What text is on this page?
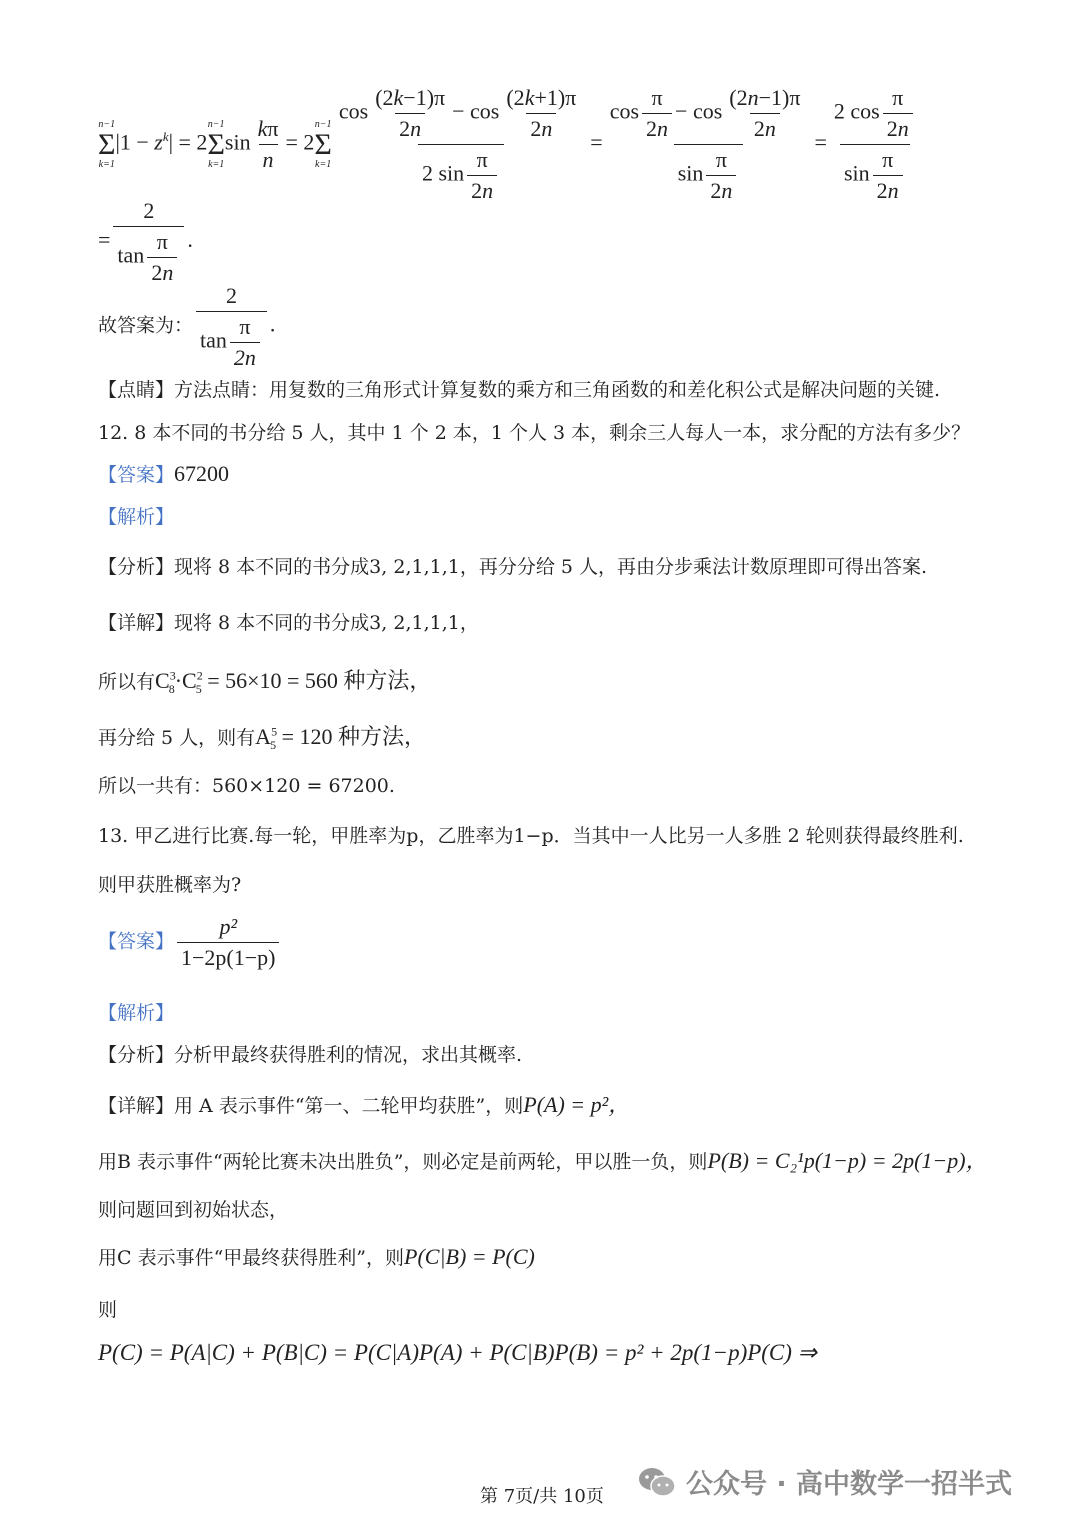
n−1
Σ
k=1
$|1 - z^k| = 2$
n−1
Σ
k=1
$\sin \frac{k\pi}{n} = 2$
n−1
Σ
$k=1 \frac{\cos \frac{(2k-1)\pi}{2n} - \cos \frac{(2k+1)\pi}{2n}}{2 \sin \frac{\pi}{2n}} = \frac{\cos \frac{\pi}{2n} - \cos \frac{(2n-1)\pi}{2n}}{\sin \frac{\pi}{2n}} = \frac{2 \cos \frac{\pi}{2n}}{\sin \frac{\pi}{2n}}$
= $\frac{2}{\tan \frac{\pi}{2n}}$ .
故答案为： $\frac{2}{\tan \frac{\pi}{2n}}$ .
【点睛】方法点睛：用复数的三角形式计算复数的乘方和三角函数的和差化积公式是解决问题的关键.
12. 8 本不同的书分给 5 人，其中 1 个 2 本，1 个人 3 本，剩余三人每人一本，求分配的方法有多少？
【答案】67200
【解析】
【分析】现将 8 本不同的书分成3, 2,1,1,1，再分分给 5 人，再由分步乘法计数原理即可得出答案.
【详解】现将 8 本不同的书分成3, 2,1,1,1，
所以有$C^3_8\cdot C^2_5 = 56\times 10 = 560$ 种方法，
再分给 5 人，则有$A^5_5 = 120$ 种方法，
所以一共有：560×120 = 67200.
13. 甲乙进行比赛.每一轮，甲胜率为p，乙胜率为1−p．当其中一人比另一人多胜 2 轮则获得最终胜利.
则甲获胜概率为?
【答案】 $\frac{\text{p²}}{1-2p(1-p)}$
【解析】
【分析】分析甲最终获得胜利的情况，求出其概率.
【详解】用 A 表示事件“第一、二轮甲均获胜”，则P(A) = p²，
用B 表示事件“两轮比赛未决出胜负”，则必定是前两轮，甲以胜一负，则P(B) = C₂¹p(1−p) = 2p(1−p)，
则问题回到初始状态，
用C 表示事件“甲最终获得胜利”，则P(C|B) = P(C)
则
P(C) = P(A|C) + P(B|C) = P(C|A)P(A) + P(C|B)P(B) = p² + 2p(1−p)P(C) ⇒
第 7页/共 10页	公众号 · 高中数学一招半式
